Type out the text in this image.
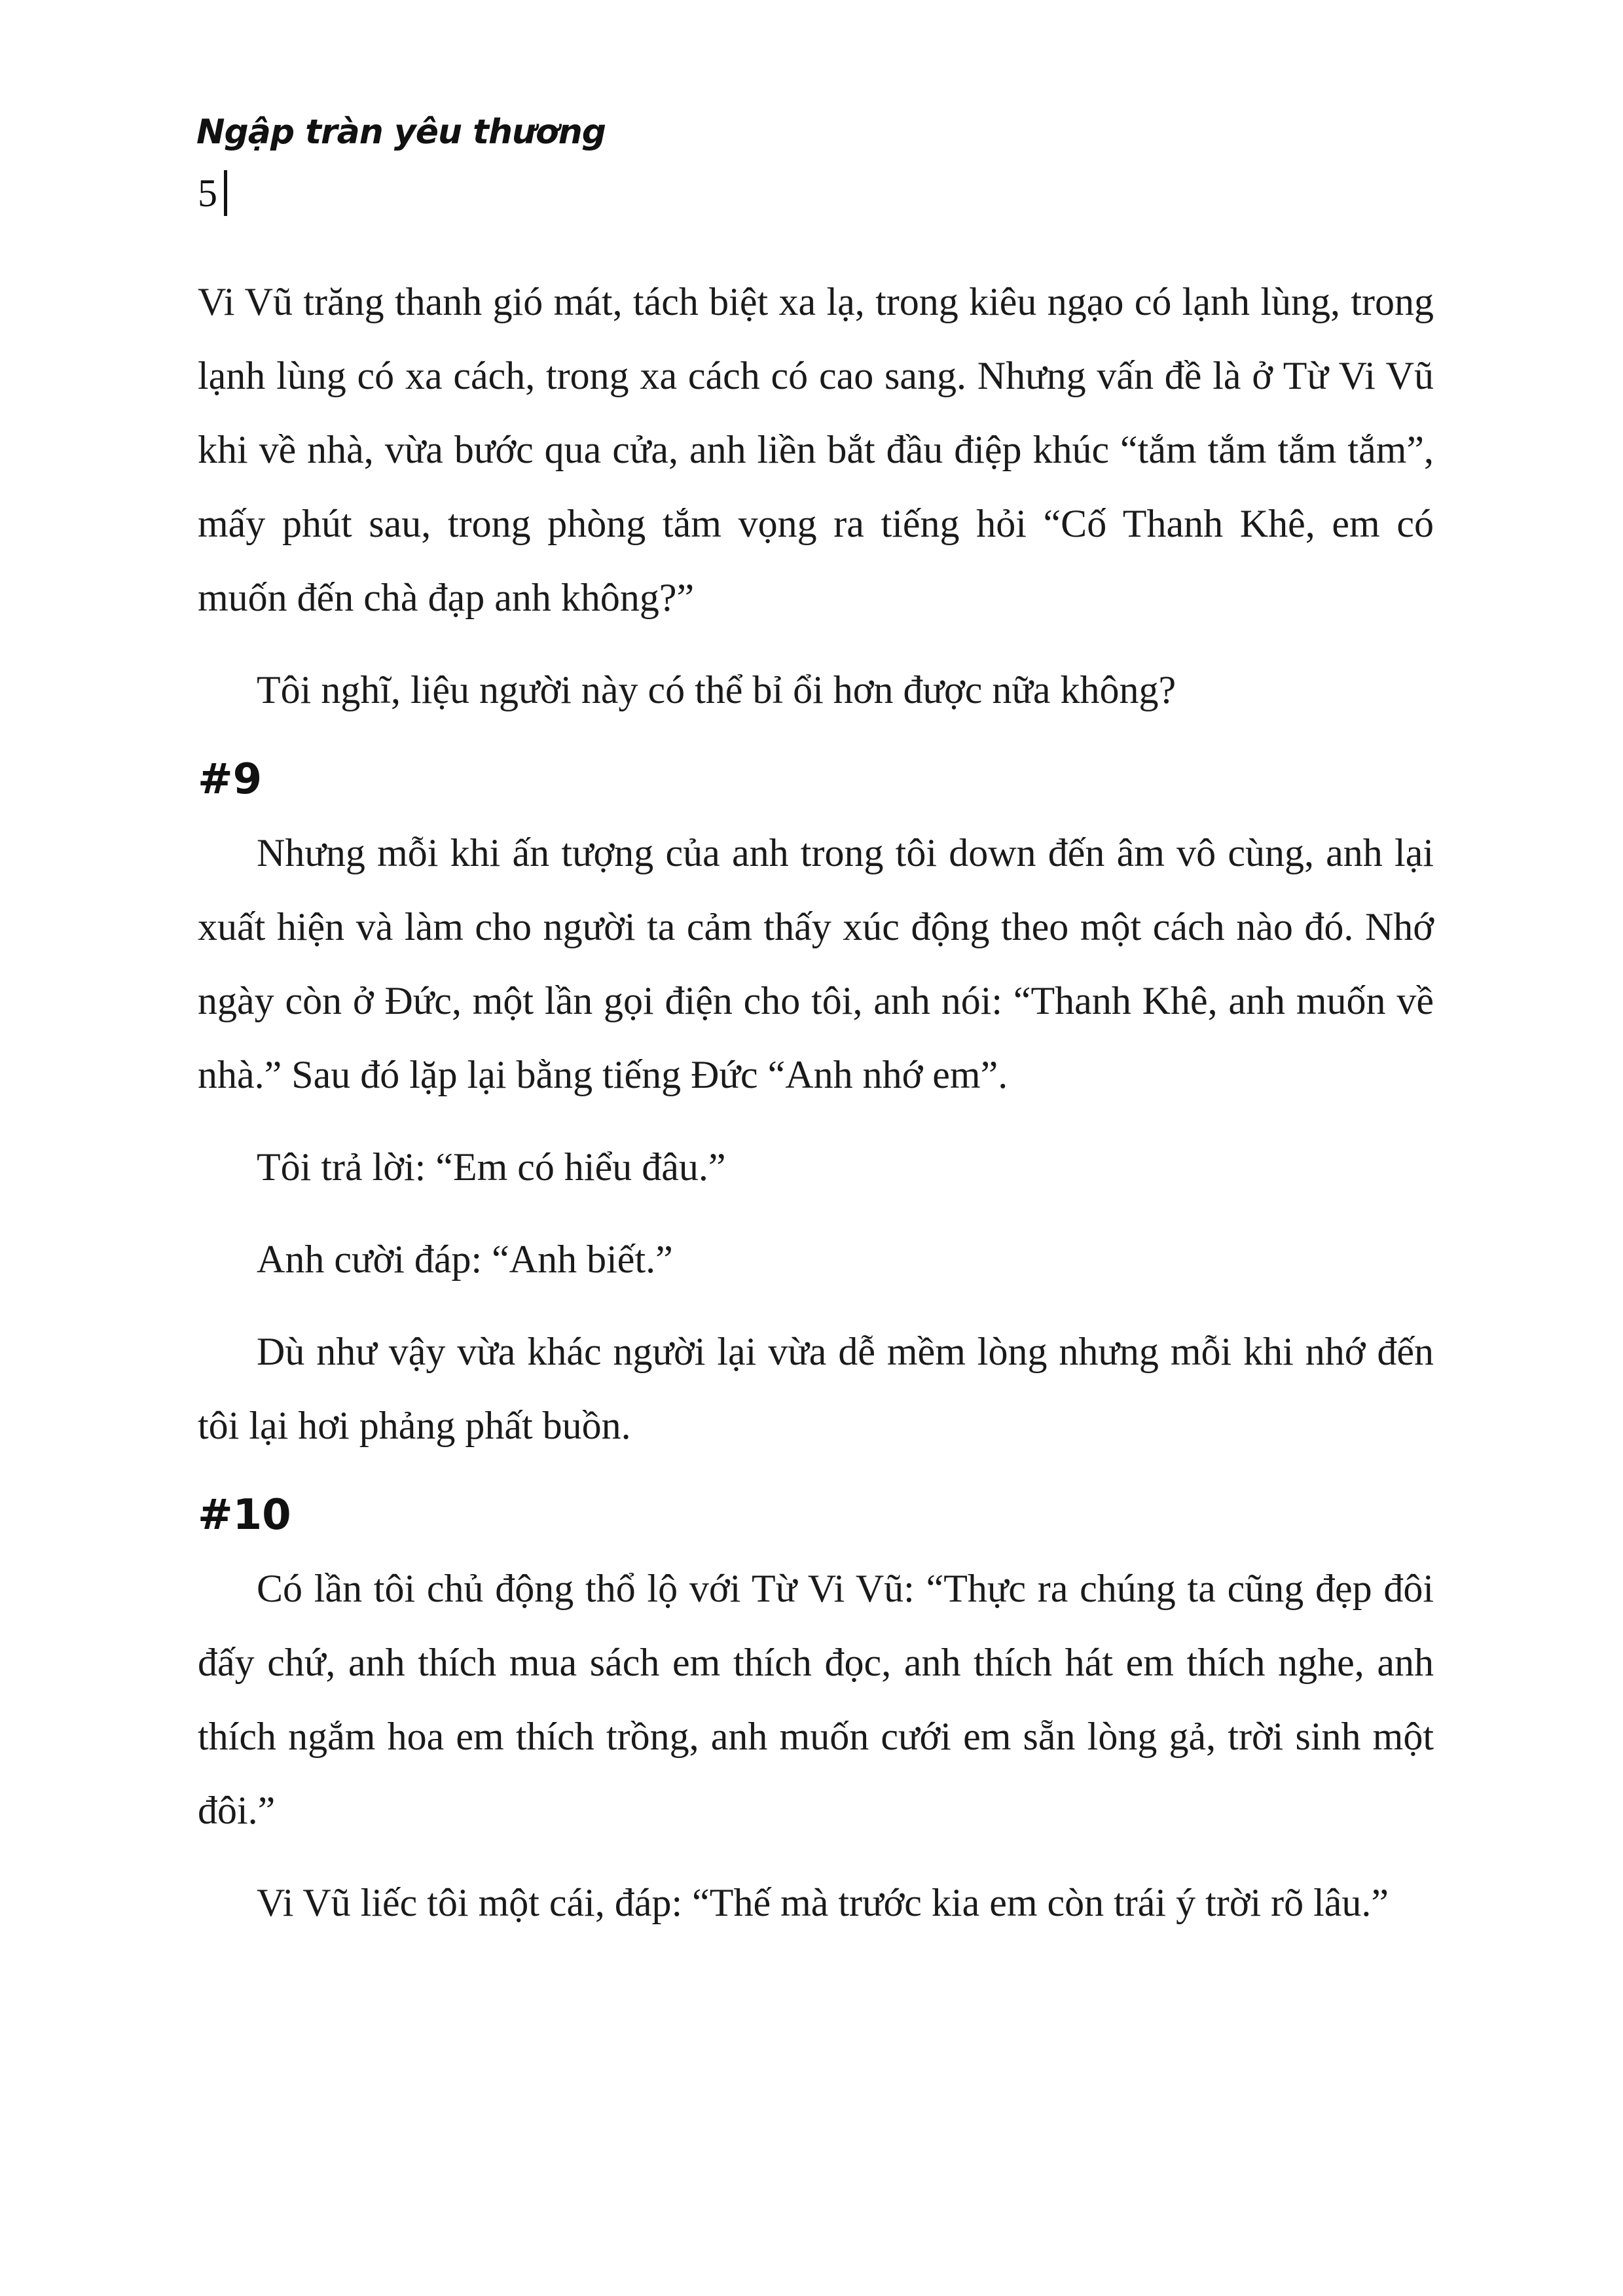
Ngập tràn yêu thương
5

Vi Vũ trăng thanh gió mát, tách biệt xa lạ, trong kiêu ngạo có lạnh lùng, trong lạnh lùng có xa cách, trong xa cách có cao sang. Nhưng vấn đề là ở Từ Vi Vũ khi về nhà, vừa bước qua cửa, anh liền bắt đầu điệp khúc “tắm tắm tắm tắm”, mấy phút sau, trong phòng tắm vọng ra tiếng hỏi “Cố Thanh Khê, em có muốn đến chà đạp anh không?”

Tôi nghĩ, liệu người này có thể bỉ ổi hơn được nữa không?

#9

Nhưng mỗi khi ấn tượng của anh trong tôi down đến âm vô cùng, anh lại xuất hiện và làm cho người ta cảm thấy xúc động theo một cách nào đó. Nhớ ngày còn ở Đức, một lần gọi điện cho tôi, anh nói: “Thanh Khê, anh muốn về nhà.” Sau đó lặp lại bằng tiếng Đức “Anh nhớ em”.

Tôi trả lời: “Em có hiểu đâu.”

Anh cười đáp: “Anh biết.”

Dù như vậy vừa khác người lại vừa dễ mềm lòng nhưng mỗi khi nhớ đến tôi lại hơi phảng phất buồn.

#10

Có lần tôi chủ động thổ lộ với Từ Vi Vũ: “Thực ra chúng ta cũng đẹp đôi đấy chứ, anh thích mua sách em thích đọc, anh thích hát em thích nghe, anh thích ngắm hoa em thích trồng, anh muốn cưới em sẵn lòng gả, trời sinh một đôi.”

Vi Vũ liếc tôi một cái, đáp: “Thế mà trước kia em còn trái ý trời rõ lâu.”
